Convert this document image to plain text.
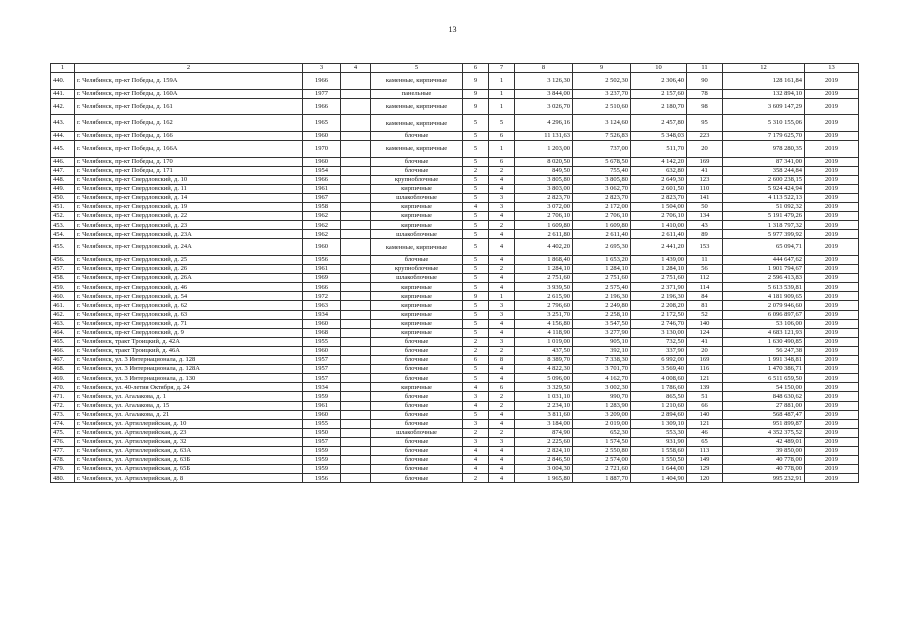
13
1	2	3	4	5	6	7	8	9	10	11	12	13
440.	г. Челябинск, пр-кт Победы, д. 159А	1966		каменные, кирпичные	9	1	3 126,30	2 502,30	2 306,40	90	128 161,84	2019
441.	г. Челябинск, пр-кт Победы, д. 160А	1977		панельные	9	1	3 844,00	3 237,70	2 157,60	78	132 894,10	2019
442.	г. Челябинск, пр-кт Победы, д. 161	1966		каменные, кирпичные	9	1	3 026,70	2 510,60	2 180,70	98	3 609 147,29	2019
443.	г. Челябинск, пр-кт Победы, д. 162	1965		каменные, кирпичные	5	5	4 296,16	3 124,60	2 457,80	95	5 310 155,06	2019
444.	г. Челябинск, пр-кт Победы, д. 166	1960		блочные	5	6	11 131,63	7 526,83	5 348,03	223	7 179 625,70	2019
445.	г. Челябинск, пр-кт Победы, д. 166А	1970		каменные, кирпичные	5	1	1 203,00	737,00	511,70	20	978 280,35	2019
446.	г. Челябинск, пр-кт Победы, д. 170	1960		блочные	5	6	8 020,50	5 678,50	4 142,20	169	87 341,00	2019
447.	г. Челябинск, пр-кт Победы, д. 171	1954		блочные	2	2	849,50	755,40	632,80	41	358 244,84	2019
448.	г. Челябинск, пр-кт Свердловский, д. 10	1966		крупноблочные	5	4	3 805,80	3 805,80	2 649,30	123	2 600 238,15	2019
449.	г. Челябинск, пр-кт Свердловский, д. 11	1961		кирпичные	5	4	3 803,00	3 062,70	2 601,50	110	5 924 424,94	2019
450.	г. Челябинск, пр-кт Свердловский, д. 14	1967		шлакоблочные	5	3	2 823,70	2 823,70	2 823,70	141	4 113 522,13	2019
451.	г. Челябинск, пр-кт Свердловский, д. 19	1958		кирпичные	4	3	3 072,00	2 172,00	1 504,00	50	51 092,32	2019
452.	г. Челябинск, пр-кт Свердловский, д. 22	1962		кирпичные	5	4	2 706,10	2 706,10	2 706,10	134	5 191 479,26	2019
453.	г. Челябинск, пр-кт Свердловский, д. 23	1962		кирпичные	5	2	1 609,80	1 609,80	1 410,00	43	1 318 797,32	2019
454.	г. Челябинск, пр-кт Свердловский, д. 23А	1962		шлакоблочные	5	4	2 611,80	2 611,40	2 611,40	89	5 977 399,92	2019
455.	г. Челябинск, пр-кт Свердловский, д. 24А	1960		каменные, кирпичные	5	4	4 402,20	2 695,30	2 441,20	153	65 094,71	2019
456.	г. Челябинск, пр-кт Свердловский, д. 25	1956		блочные	5	4	1 868,40	1 653,20	1 439,00	11	444 647,62	2019
457.	г. Челябинск, пр-кт Свердловский, д. 26	1961		крупноблочные	5	2	1 284,10	1 284,10	1 284,10	56	1 901 794,67	2019
458.	г. Челябинск, пр-кт Свердловский, д. 26А	1969		шлакоблочные	5	4	2 751,60	2 751,60	2 751,60	112	2 596 413,83	2019
459.	г. Челябинск, пр-кт Свердловский, д. 46	1966		кирпичные	5	4	3 939,50	2 575,40	2 371,90	114	5 613 539,81	2019
460.	г. Челябинск, пр-кт Свердловский, д. 54	1972		кирпичные	9	1	2 615,90	2 196,30	2 196,30	84	4 181 909,65	2019
461.	г. Челябинск, пр-кт Свердловский, д. 62	1963		кирпичные	5	3	2 796,60	2 249,80	2 208,20	81	2 079 946,60	2019
462.	г. Челябинск, пр-кт Свердловский, д. 63	1934		кирпичные	5	3	3 251,70	2 258,10	2 172,50	52	6 096 897,67	2019
463.	г. Челябинск, пр-кт Свердловский, д. 71	1960		кирпичные	5	4	4 156,80	3 547,50	2 746,70	140	53 106,00	2019
464.	г. Челябинск, пр-кт Свердловский, д. 9	1968		кирпичные	5	4	4 118,90	3 277,90	3 130,00	124	4 683 121,93	2019
465.	г. Челябинск, тракт Троицкий, д. 42А	1955		блочные	2	3	1 019,00	905,10	732,50	41	1 630 490,85	2019
466.	г. Челябинск, тракт Троицкий, д. 46А	1960		блочные	2	2	437,50	392,10	337,90	20	56 247,38	2019
467.	г. Челябинск, ул. 3 Интернационала, д. 128	1957		блочные	6	8	8 389,70	7 338,30	6 992,00	169	1 991 348,81	2019
468.	г. Челябинск, ул. 3 Интернационала, д. 128А	1957		блочные	5	4	4 822,30	3 701,70	3 569,40	116	1 470 386,71	2019
469.	г. Челябинск, ул. 3 Интернационала, д. 130	1957		блочные	5	4	5 096,00	4 162,70	4 008,60	121	6 511 659,50	2019
470.	г. Челябинск, ул. 40-летия Октября, д. 24	1934		кирпичные	4	6	3 329,50	3 002,30	1 786,60	139	54 150,00	2019
471.	г. Челябинск, ул. Агалакова, д. 1	1959		блочные	3	2	1 031,10	990,70	865,50	51	848 630,62	2019
472.	г. Челябинск, ул. Агалакова, д. 15	1961		блочные	4	2	2 234,10	1 283,90	1 210,60	66	27 881,00	2019
473.	г. Челябинск, ул. Агалакова, д. 21	1960		блочные	5	4	3 811,60	3 209,00	2 894,60	140	568 487,47	2019
474.	г. Челябинск, ул. Артиллерийская, д. 10	1955		блочные	3	4	3 184,00	2 019,00	1 309,10	121	951 899,87	2019
475.	г. Челябинск, ул. Артиллерийская, д. 23	1950		шлакоблочные	2	2	874,90	652,30	553,30	46	4 352 375,52	2019
476.	г. Челябинск, ул. Артиллерийская, д. 32	1957		блочные	3	3	2 225,60	1 574,50	931,90	65	42 489,01	2019
477.	г. Челябинск, ул. Артиллерийская, д. 63А	1959		блочные	4	4	2 824,10	2 550,80	1 558,60	113	39 850,00	2019
478.	г. Челябинск, ул. Артиллерийская, д. 63Б	1959		блочные	4	4	2 846,50	2 574,00	1 550,50	149	40 778,00	2019
479.	г. Челябинск, ул. Артиллерийская, д. 65Б	1959		блочные	4	4	3 004,30	2 721,60	1 644,00	129	40 778,00	2019
480.	г. Челябинск, ул. Артиллерийская, д. 8	1956		блочные	2	4	1 965,80	1 887,70	1 404,90	120	995 232,91	2019
